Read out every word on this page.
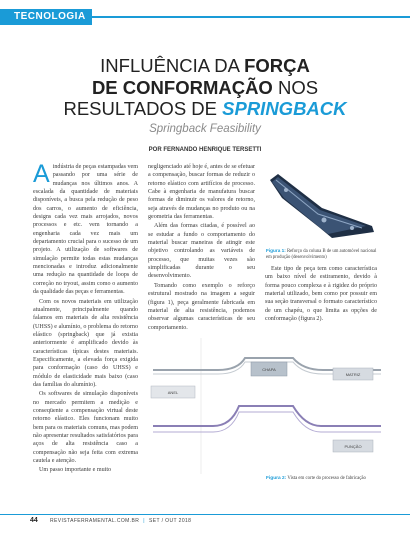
TECNOLOGIA
INFLUÊNCIA DA FORÇA
DE CONFORMAÇÃO NOS
RESULTADOS DE SPRINGBACK
Springback Feasibility
POR FERNANDO HENRIQUE TERSETTI

Aindústria de peças estampadas vem passando por uma série de mudanças nos últimos anos. A escalada da quantidade de materiais disponíveis, a busca pela redução de peso dos carros, o aumento de eficiência, designs cada vez mais arrojados, novos processos e etc. vem tornando a engenharia cada vez mais um departamento crucial para o sucesso de um projeto. A utilização de softwares de simulação permite todas estas mudanças mencionadas e introduz adicionalmente uma redução na quantidade de loops de correção no tryout, assim como o aumento da qualidade das peças e ferramentas.

Com os novos materiais em utilização atualmente, principalmente quando falamos em materiais de alta resistência (UHSS) e alumínio, o problema do retorno elástico (springback) que já existia anteriormente é amplificado devido às características típicas destes materiais. Especificamente, a elevada força exigida para conformação (caso do UHSS) e módulo de elasticidade mais baixo (caso das famílias do alumínio).

Os softwares de simulação disponíveis no mercado permitem a medição e conseqüente a compensação virtual deste retorno elástico. Eles funcionam muito bem para os materiais comuns, mas podem não apresentar resultados satisfatórios para aços de alta resistência caso a compensação não seja feita com extrema cautela e atenção.

Um passo importante e muito

negligenciado até hoje é, antes de se efetuar a compensação, buscar formas de reduzir o retorno elástico com artifícios de processo. Cabe à engenharia de manufatura buscar formas de diminuir os valores de retorno, seja através de mudanças no produto ou na geometria das ferramentas.

Além das formas citadas, é possível ao se estudar a fundo o comportamento do material buscar maneiras de atingir este objetivo controlando as variáveis de processo, que muitas vezes são simplificadas durante o seu desenvolvimento.

Tomando como exemplo o reforço estrutural mostrado na imagem a seguir (figura 1), peça geralmente fabricada em material de alta resistência, podemos observar algumas características de seu comportamento.

Figura 1: Reforço da coluna B de um automóvel nacional em produção (desenvolvimento)

Este tipo de peça tem como característica um baixo nível de estiramento, devido à forma pouco complexa e à rigidez do próprio material utilizado, bem como por possuir em sua seção transversal o formato característico de um chapéu, o que limita as opções de conformação (figura 2).

CHAPA
MATRIZ
ANEL
PUNÇÃO
Figura 2: Vista em corte do processo de fabricação
44 REVISTAFERRAMENTAL.COM.BR| SET / OUT 2018
